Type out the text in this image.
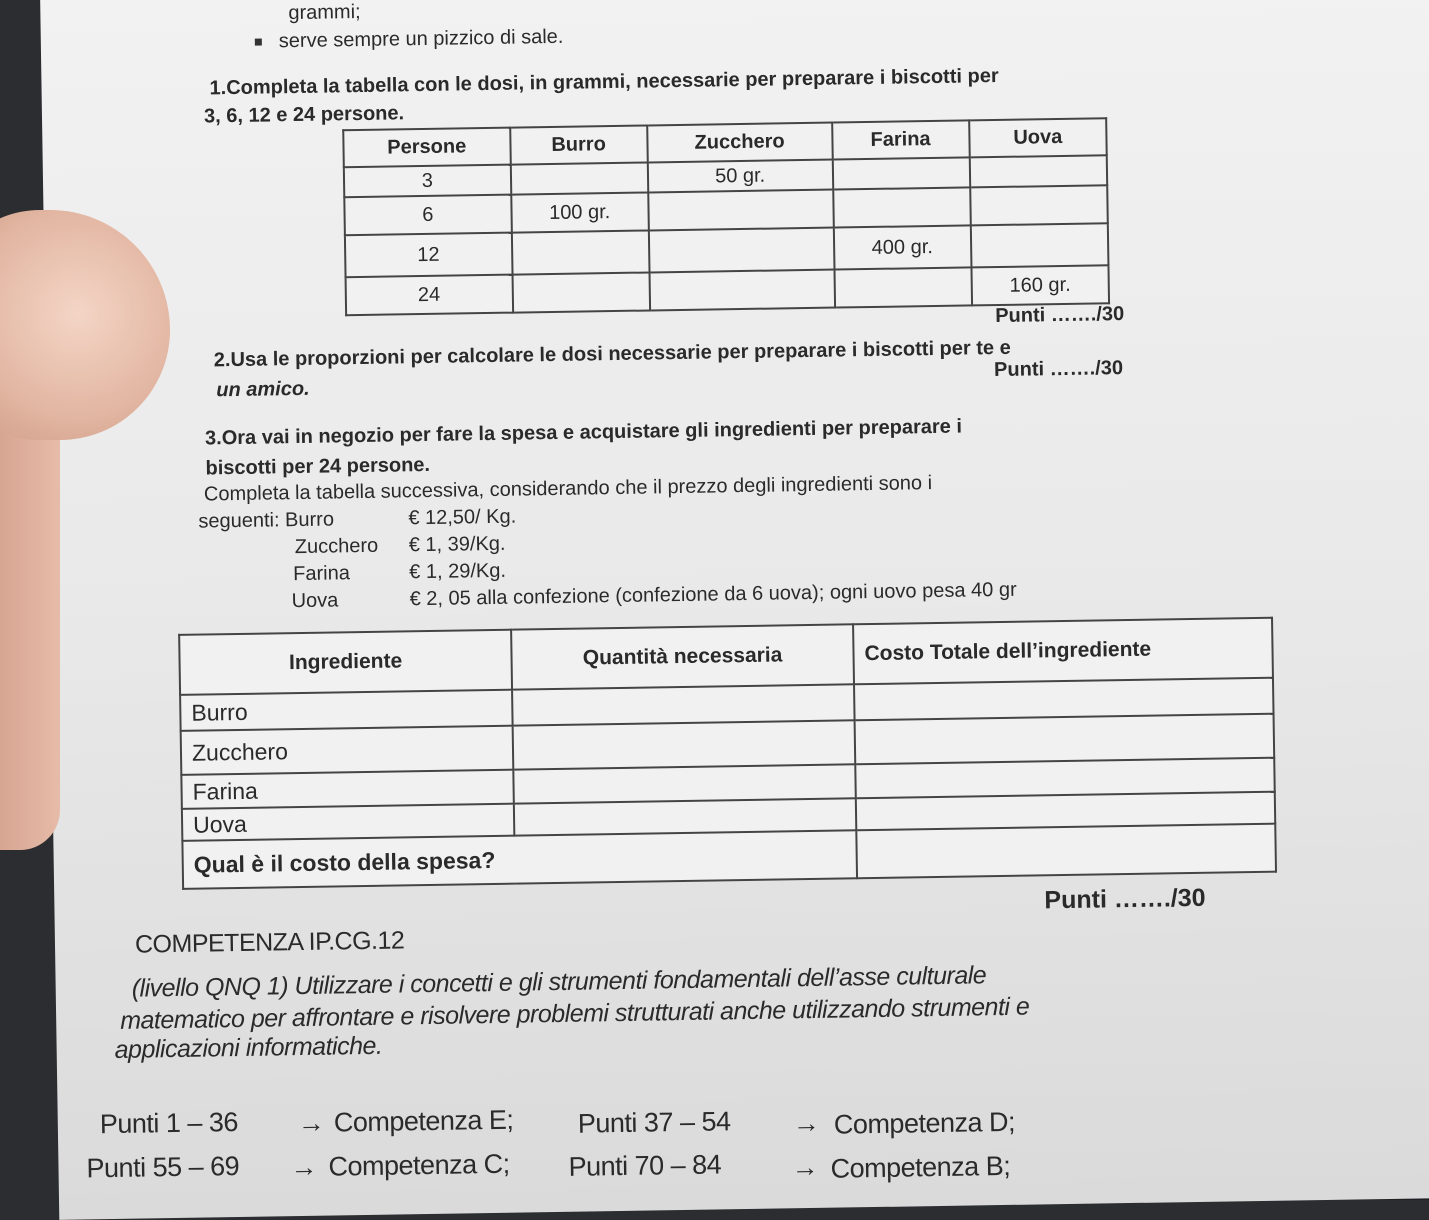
grammi;
serve sempre un pizzico di sale.
1.Completa la tabella con le dosi, in grammi, necessarie per preparare i biscotti per
3, 6, 12 e 24 persone.
Persone	Burro	Zucchero	Farina	Uova
3		50 gr.		
6	100 gr.			
12			400 gr.	
24				160 gr.
Punti ……./30
2.Usa le proporzioni per calcolare le dosi necessarie per preparare i biscotti per te e
un amico.
Punti ……./30
3.Ora vai in negozio per fare la spesa e acquistare gli ingredienti per preparare i
biscotti per 24 persone.
Completa la tabella successiva, considerando che il prezzo degli ingredienti sono i
seguenti: Burro	€ 12,50/ Kg.
Zucchero € 1, 39/Kg.
Farina	€ 1, 29/Kg.
Uova	€ 2, 05 alla confezione (confezione da 6 uova); ogni uovo pesa 40 gr
Ingrediente	Quantità necessaria	Costo Totale dell’ingrediente
Burro		
Zucchero		
Farina		
Uova		
Qual è il costo della spesa?		
Punti ……./30
COMPETENZA IP.CG.12
(livello QNQ 1) Utilizzare i concetti e gli strumenti fondamentali dell’asse culturale
matematico per affrontare e risolvere problemi strutturati anche utilizzando strumenti e
applicazioni informatiche.
Punti 1 – 36 → Competenza E; Punti 37 – 54 → Competenza D;
Punti 55 – 69 → Competenza C; Punti 70 – 84	→ Competenza B;
